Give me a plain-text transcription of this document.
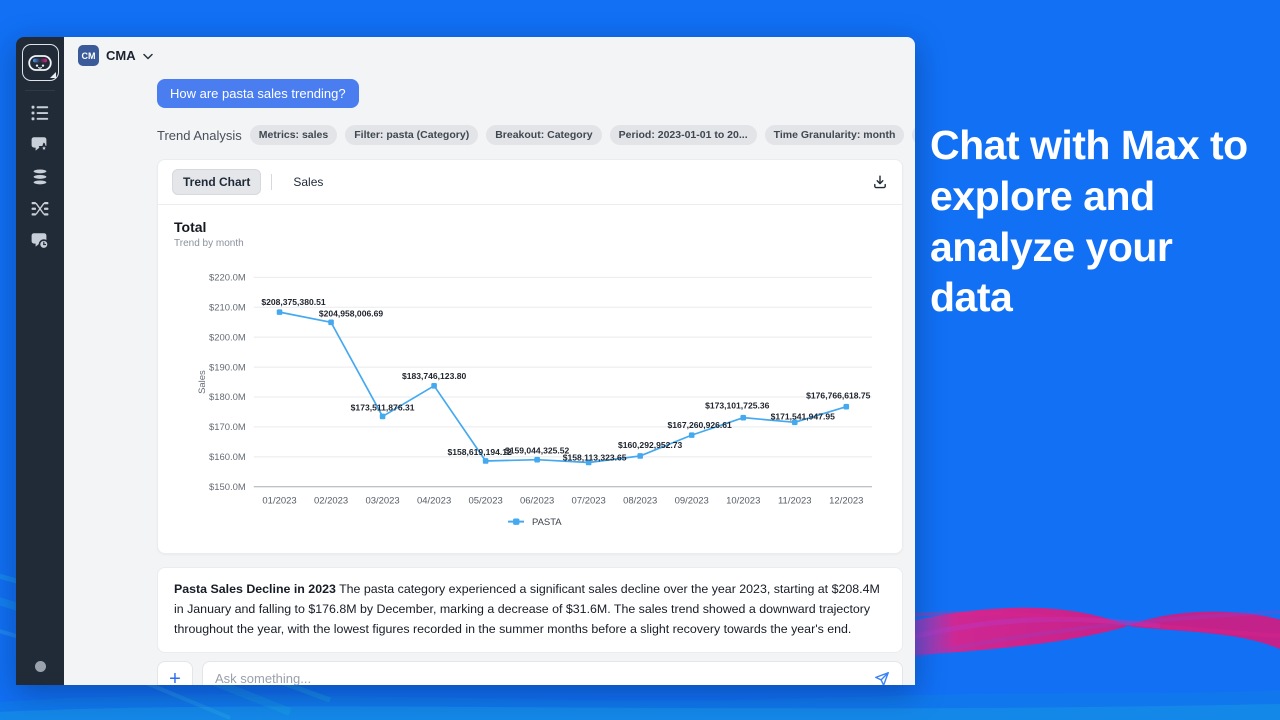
Chat with Max to explore and analyze your data
CM CMA
How are pasta sales trending?
Trend Analysis	Metrics: sales	Filter: pasta (Category)	Breakout: Category	Period: 2023-01-01 to 20...	Time Granularity: month
Trend Chart	Sales
Total
Trend by month
$150.0M
$160.0M
$170.0M
$180.0M
$190.0M
$200.0M
$210.0M
$220.0M
Sales
01/2023 02/2023 03/2023 04/2023 05/2023 06/2023 07/2023 08/2023 09/2023 10/2023 11/2023 12/2023
$208,375,380.51
$204,958,006.69
$173,511,876.31
$183,746,123.80
$158,619,194.12
$159,044,325.52
$158,113,323.65
$160,292,952.73
$167,260,926.61
$173,101,725.36
$171,541,947.95
$176,766,618.75
PASTA
Pasta Sales Decline in 2023 The pasta category experienced a significant sales decline over the year 2023, starting at $208.4M in January and falling to $176.8M by December, marking a decrease of $31.6M. The sales trend showed a downward trajectory throughout the year, with the lowest figures recorded in the summer months before a slight recovery towards the year's end.
+
Ask something...
